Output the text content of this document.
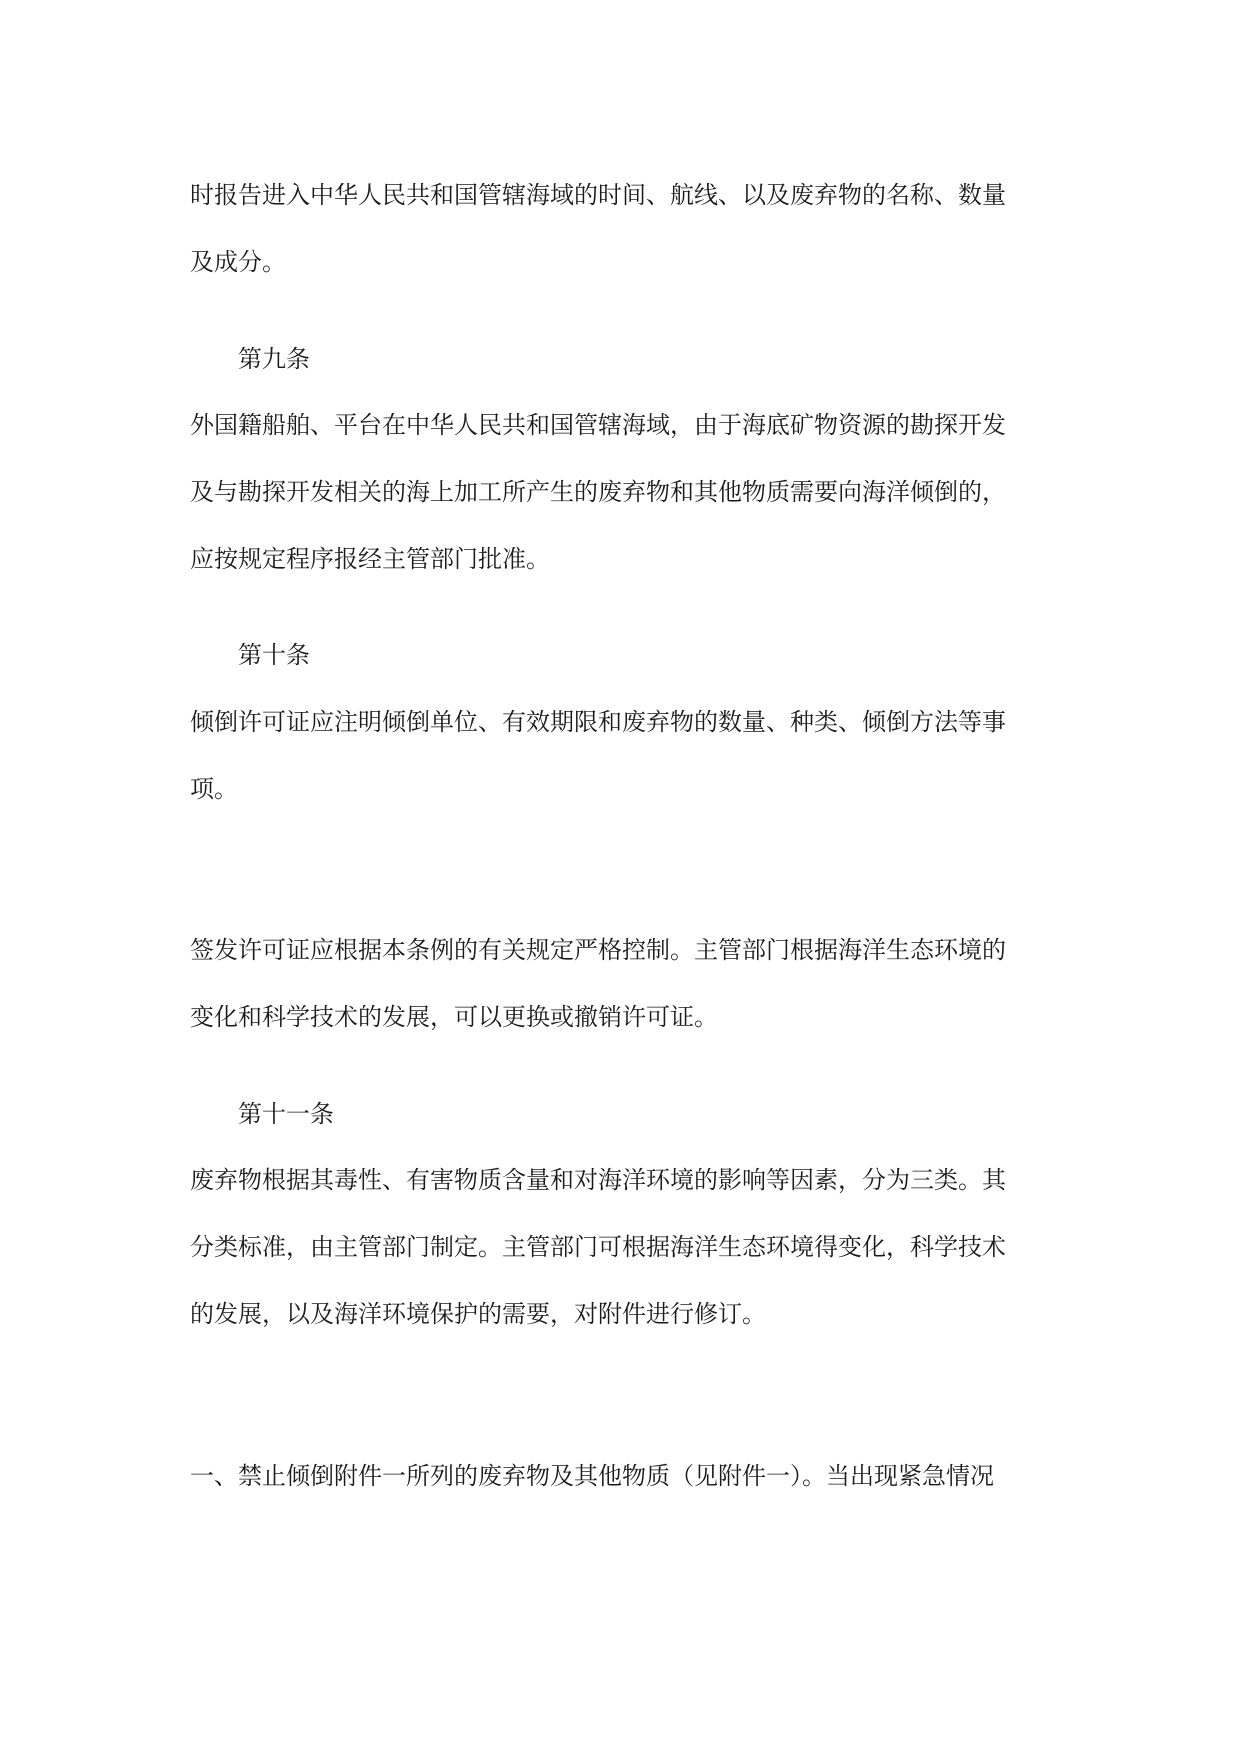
时报告进入中华人民共和国管辖海域的时间、航线、以及废弃物的名称、数量

及成分。

第九条

外国籍船舶、平台在中华人民共和国管辖海域，由于海底矿物资源的勘探开发

及与勘探开发相关的海上加工所产生的废弃物和其他物质需要向海洋倾倒的，

应按规定程序报经主管部门批准。

第十条

倾倒许可证应注明倾倒单位、有效期限和废弃物的数量、种类、倾倒方法等事

项。

签发许可证应根据本条例的有关规定严格控制。主管部门根据海洋生态环境的

变化和科学技术的发展，可以更换或撤销许可证。

第十一条

废弃物根据其毒性、有害物质含量和对海洋环境的影响等因素，分为三类。其

分类标准，由主管部门制定。主管部门可根据海洋生态环境得变化，科学技术

的发展，以及海洋环境保护的需要，对附件进行修订。

一、禁止倾倒附件一所列的废弃物及其他物质（见附件一）。当出现紧急情况
